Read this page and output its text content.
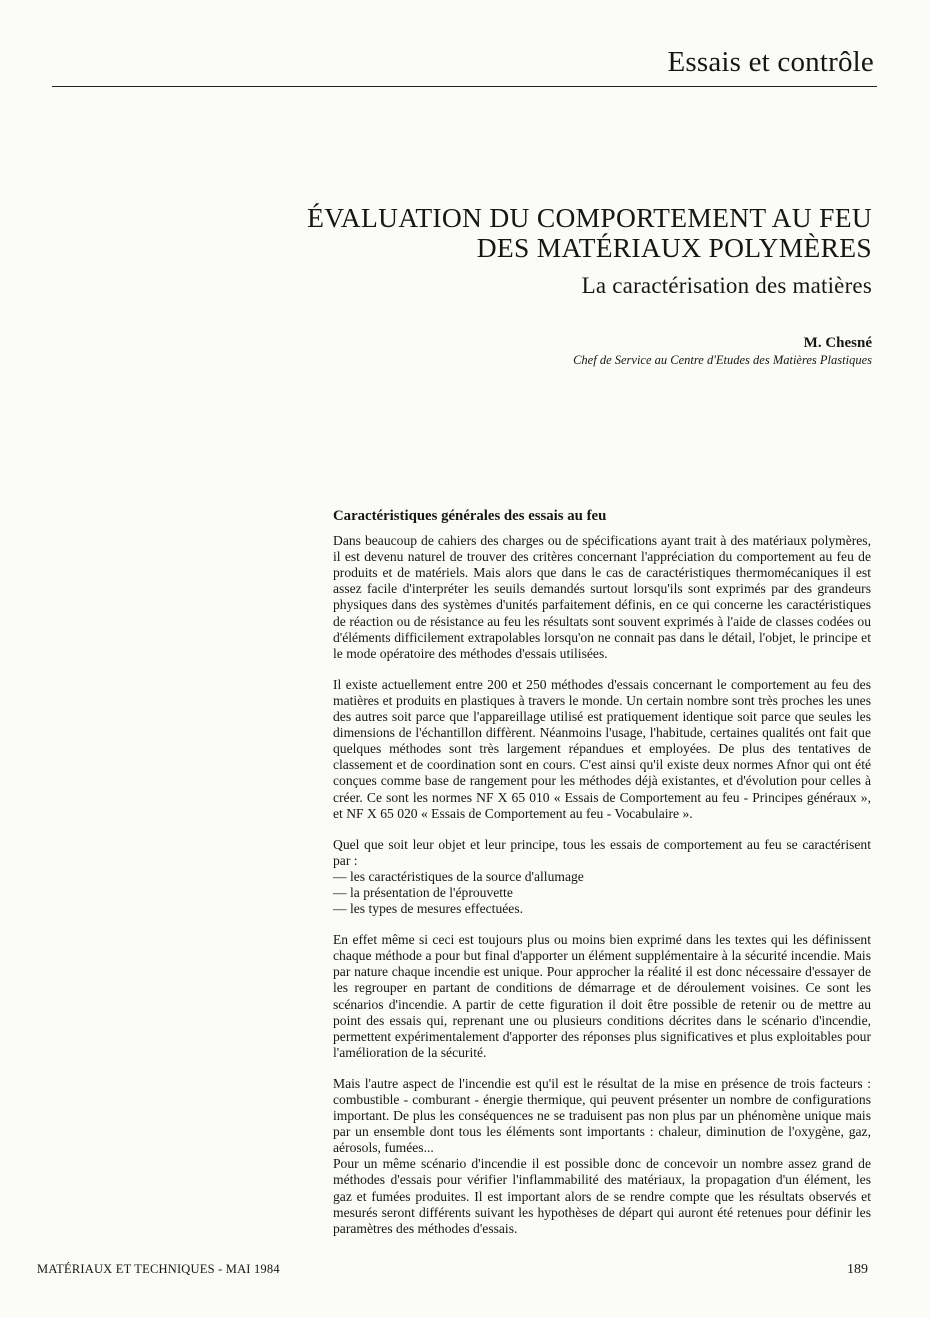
Essais et contrôle
ÉVALUATION DU COMPORTEMENT AU FEU
DES MATÉRIAUX POLYMÈRES
La caractérisation des matières
M. Chesné
Chef de Service au Centre d'Etudes des Matières Plastiques
Caractéristiques générales des essais au feu

Dans beaucoup de cahiers des charges ou de spécifications ayant trait à des matériaux polymères, il est devenu naturel de trouver des critères concernant l'appréciation du comportement au feu de produits et de matériels. Mais alors que dans le cas de caractéristiques thermomécaniques il est assez facile d'interpréter les seuils demandés surtout lorsqu'ils sont exprimés par des grandeurs physiques dans des systèmes d'unités parfaitement définis, en ce qui concerne les caractéristiques de réaction ou de résistance au feu les résultats sont souvent exprimés à l'aide de classes codées ou d'éléments difficilement extrapolables lorsqu'on ne connait pas dans le détail, l'objet, le principe et le mode opératoire des méthodes d'essais utilisées.

Il existe actuellement entre 200 et 250 méthodes d'essais concernant le comportement au feu des matières et produits en plastiques à travers le monde. Un certain nombre sont très proches les unes des autres soit parce que l'appareillage utilisé est pratiquement identique soit parce que seules les dimensions de l'échantillon diffèrent. Néanmoins l'usage, l'habitude, certaines qualités ont fait que quelques méthodes sont très largement répandues et employées. De plus des tentatives de classement et de coordination sont en cours. C'est ainsi qu'il existe deux normes Afnor qui ont été conçues comme base de rangement pour les méthodes déjà existantes, et d'évolution pour celles à créer. Ce sont les normes NF X 65 010 « Essais de Comportement au feu - Principes généraux », et NF X 65 020 « Essais de Comportement au feu - Vocabulaire ».

Quel que soit leur objet et leur principe, tous les essais de comportement au feu se caractérisent par :

— les caractéristiques de la source d'allumage
— la présentation de l'éprouvette
— les types de mesures effectuées.

En effet même si ceci est toujours plus ou moins bien exprimé dans les textes qui les définissent chaque méthode a pour but final d'apporter un élément supplémentaire à la sécurité incendie. Mais par nature chaque incendie est unique. Pour approcher la réalité il est donc nécessaire d'essayer de les regrouper en partant de conditions de démarrage et de déroulement voisines. Ce sont les scénarios d'incendie. A partir de cette figuration il doit être possible de retenir ou de mettre au point des essais qui, reprenant une ou plusieurs conditions décrites dans le scénario d'incendie, permettent expérimentalement d'apporter des réponses plus significatives et plus exploitables pour l'amélioration de la sécurité.

Mais l'autre aspect de l'incendie est qu'il est le résultat de la mise en présence de trois facteurs : combustible - comburant - énergie thermique, qui peuvent présenter un nombre de configurations important. De plus les conséquences ne se traduisent pas non plus par un phénomène unique mais par un ensemble dont tous les éléments sont importants : chaleur, diminution de l'oxygène, gaz, aérosols, fumées...

Pour un même scénario d'incendie il est possible donc de concevoir un nombre assez grand de méthodes d'essais pour vérifier l'inflammabilité des matériaux, la propagation d'un élément, les gaz et fumées produites. Il est important alors de se rendre compte que les résultats observés et mesurés seront différents suivant les hypothèses de départ qui auront été retenues pour définir les paramètres des méthodes d'essais.

MATÉRIAUX ET TECHNIQUES - MAI 1984	189
